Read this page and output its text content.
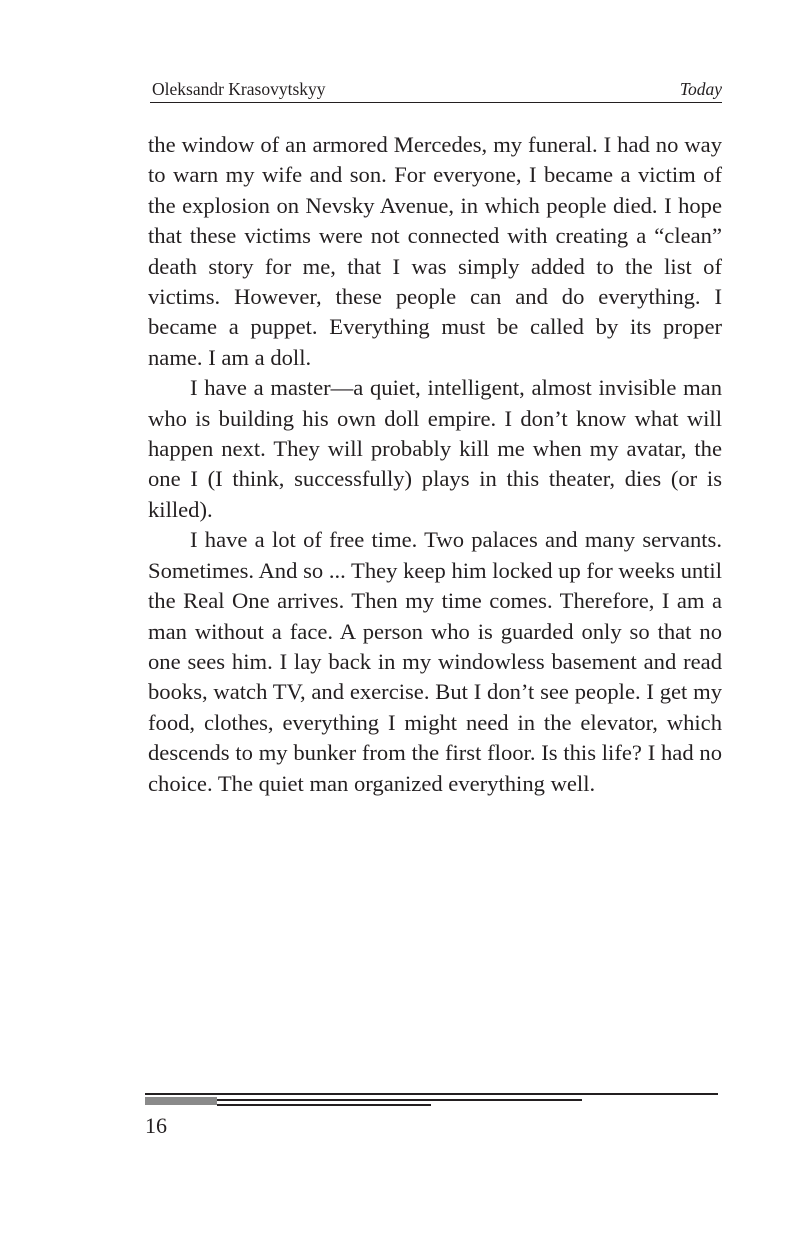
Oleksandr Krasovytskyy	Today

the window of an armored Mercedes, my funeral. I had no way to warn my wife and son. For everyone, I became a victim of the explosion on Nevsky Avenue, in which people died. I hope that these victims were not connected with creating a “clean” death story for me, that I was simply added to the list of victims. However, these people can and do everything. I became a puppet. Everything must be called by its proper name. I am a doll.

I have a master—a quiet, intelligent, almost invisible man who is building his own doll empire. I don’t know what will happen next. They will probably kill me when my avatar, the one I (I think, successfully) plays in this theater, dies (or is killed).

I have a lot of free time. Two palaces and many servants. Sometimes. And so ... They keep him locked up for weeks until the Real One arrives. Then my time comes. Therefore, I am a man without a face. A person who is guarded only so that no one sees him. I lay back in my windowless basement and read books, watch TV, and exercise. But I don’t see people. I get my food, clothes, everything I might need in the elevator, which descends to my bunker from the first floor. Is this life? I had no choice. The quiet man organized everything well.

16
